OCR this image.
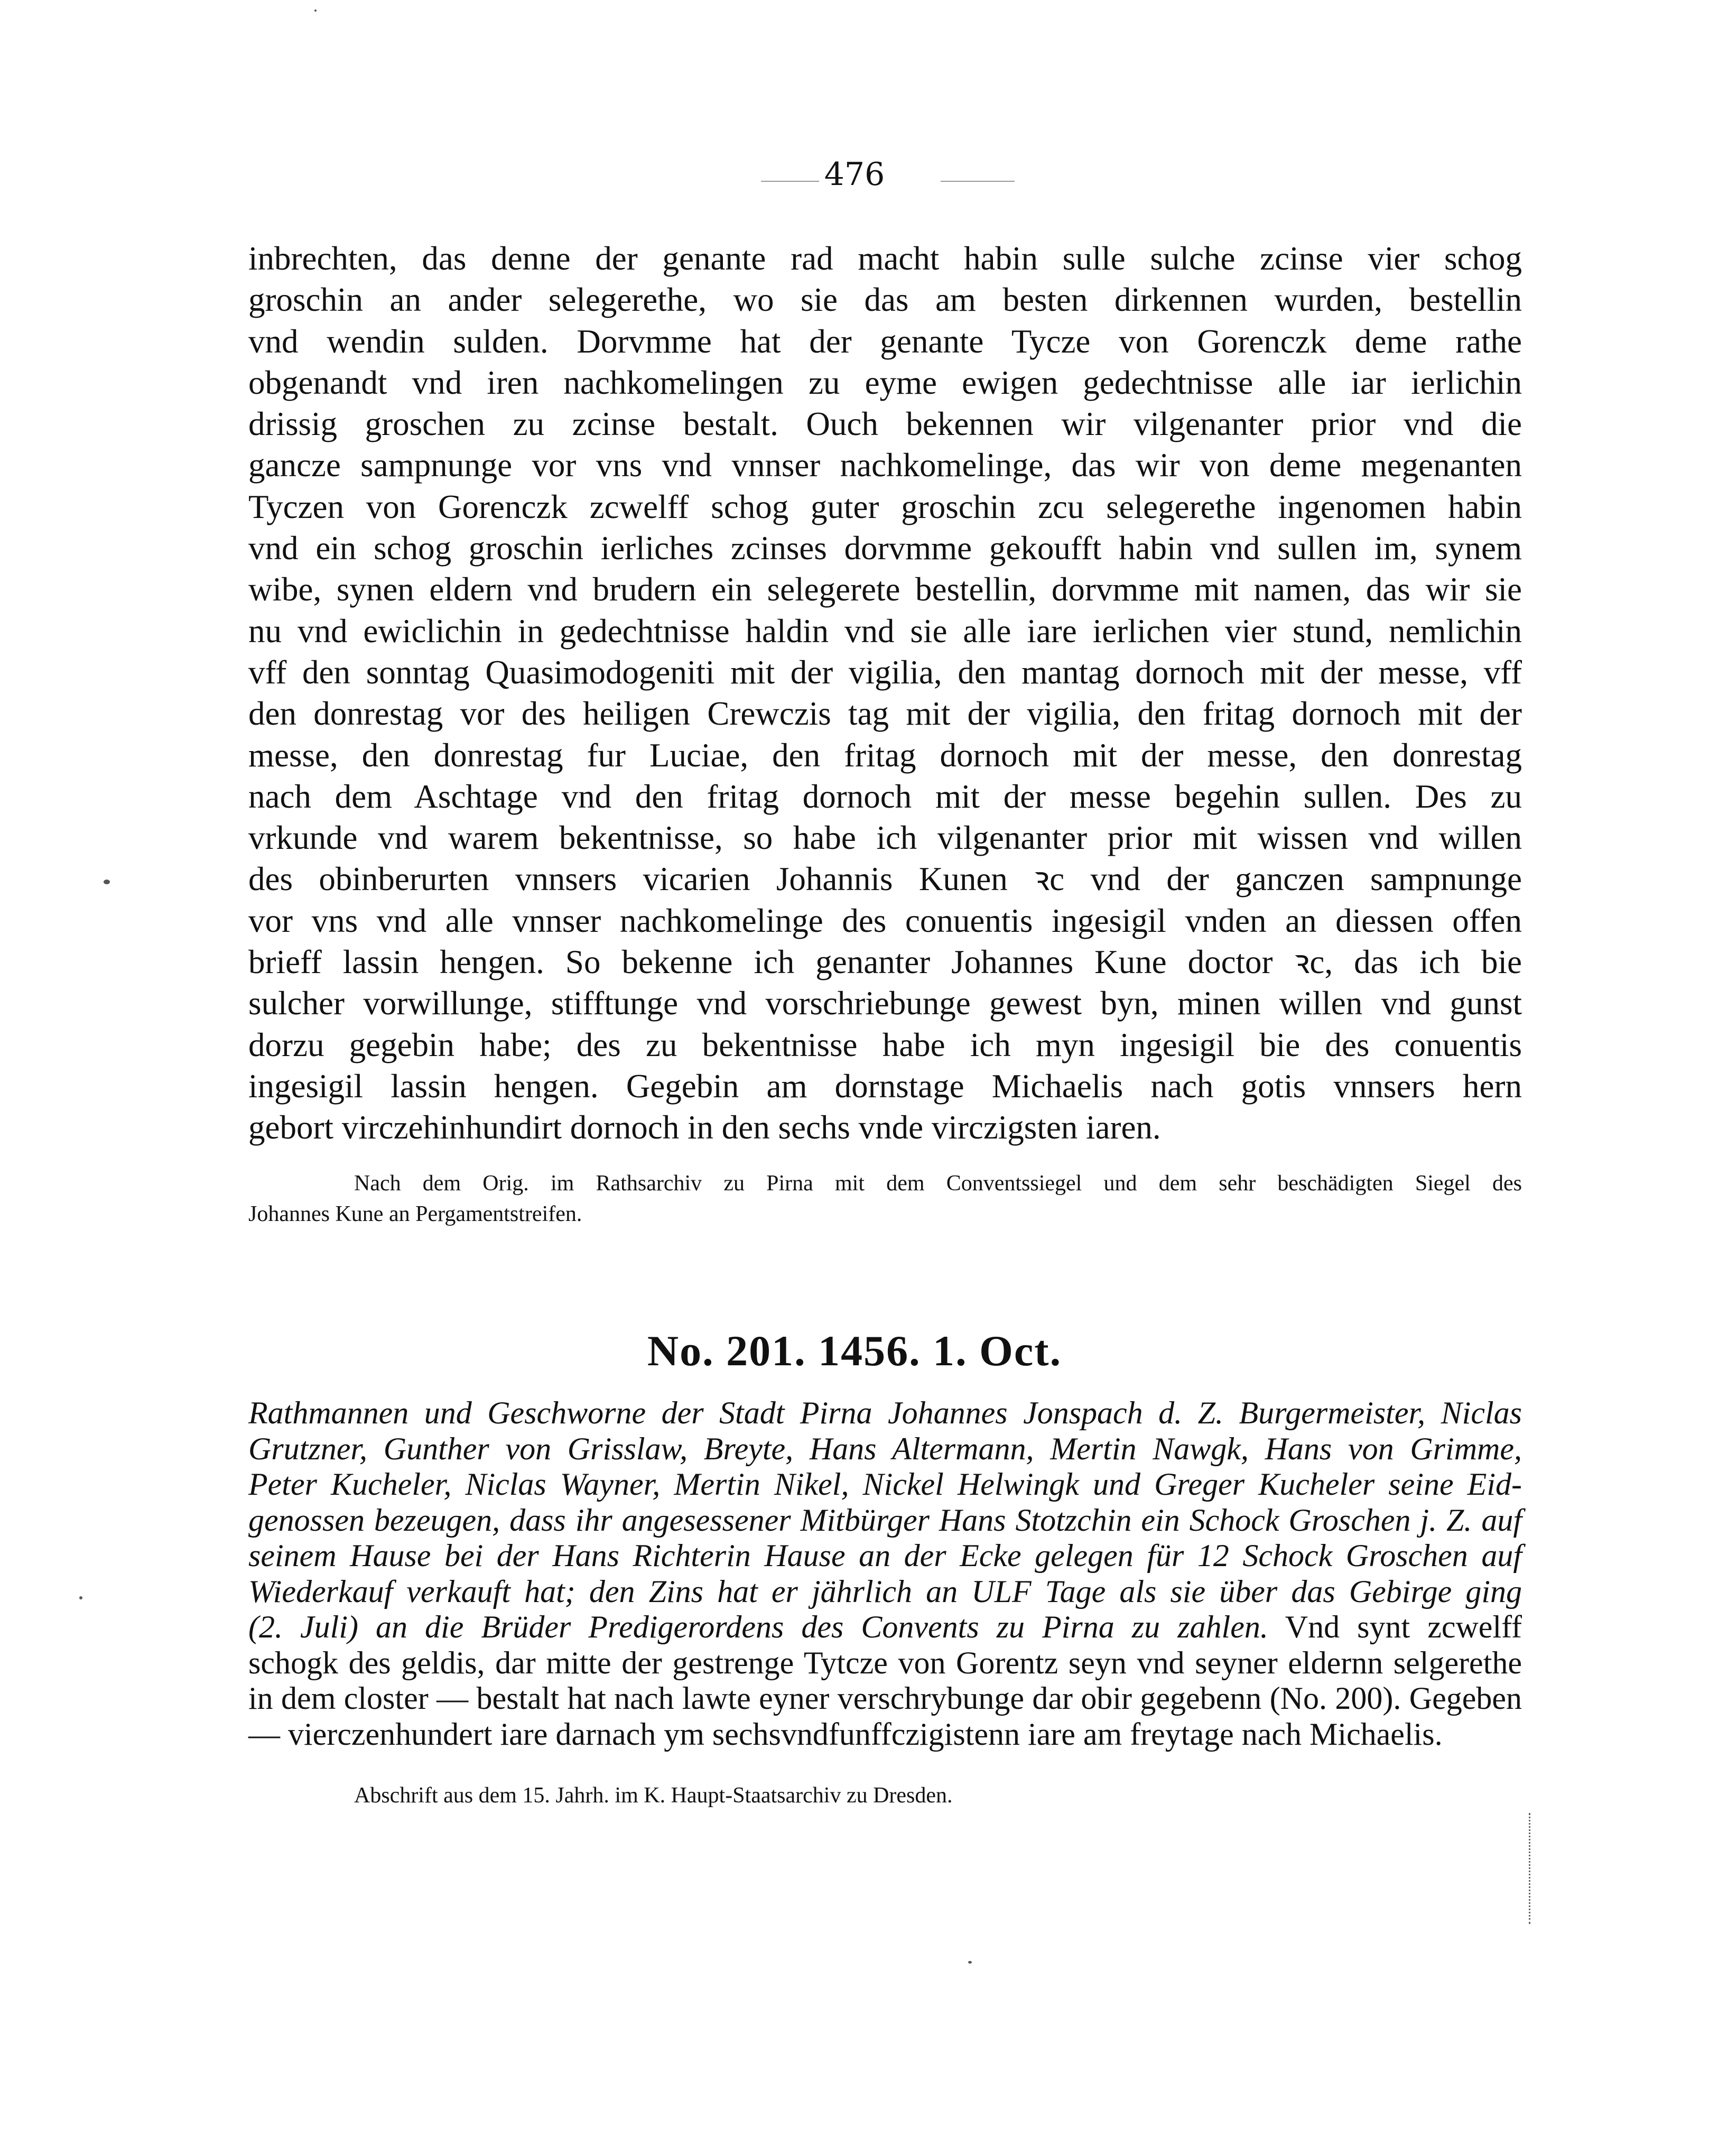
476
inbrechten, das denne der genante rad macht habin sulle sulche zcinse vier schog
groschin an ander selegerethe, wo sie das am besten dirkennen wurden, bestellin
vnd wendin sulden. Dorvmme hat der genante Tycze von Gorenczk deme rathe
obgenandt vnd iren nachkomelingen zu eyme ewigen gedechtnisse alle iar ierlichin
drissig groschen zu zcinse bestalt. Ouch bekennen wir vilgenanter prior vnd die
gancze sampnunge vor vns vnd vnnser nachkomelinge, das wir von deme megenanten
Tyczen von Gorenczk zcwelff schog guter groschin zcu selegerethe ingenomen habin
vnd ein schog groschin ierliches zcinses dorvmme gekoufft habin vnd sullen im, synem
wibe, synen eldern vnd brudern ein selegerete bestellin, dorvmme mit namen, das wir sie
nu vnd ewiclichin in gedechtnisse haldin vnd sie alle iare ierlichen vier stund, nemlichin
vff den sonntag Quasimodogeniti mit der vigilia, den mantag dornoch mit der messe, vff
den donrestag vor des heiligen Crewczis tag mit der vigilia, den fritag dornoch mit der
messe, den donrestag fur Luciae, den fritag dornoch mit der messe, den donrestag
nach dem Aschtage vnd den fritag dornoch mit der messe begehin sullen. Des zu
vrkunde vnd warem bekentnisse, so habe ich vilgenanter prior mit wissen vnd willen
des obinberurten vnnsers vicarien Johannis Kunen ꝛc vnd der ganczen sampnunge
vor vns vnd alle vnnser nachkomelinge des conuentis ingesigil vnden an diessen offen
brieff lassin hengen. So bekenne ich genanter Johannes Kune doctor ꝛc, das ich bie
sulcher vorwillunge, stifftunge vnd vorschriebunge gewest byn, minen willen vnd gunst
dorzu gegebin habe; des zu bekentnisse habe ich myn ingesigil bie des conuentis
ingesigil lassin hengen. Gegebin am dornstage Michaelis nach gotis vnnsers hern
gebort virczehinhundirt dornoch in den sechs vnde virczigsten iaren.
Nach dem Orig. im Rathsarchiv zu Pirna mit dem Conventssiegel und dem sehr beschädigten Siegel des
Johannes Kune an Pergamentstreifen.
No. 201. 1456. 1. Oct.
Rathmannen und Geschworne der Stadt Pirna Johannes Jonspach d. Z. Burgermeister, Niclas
Grutzner, Gunther von Grisslaw, Breyte, Hans Altermann, Mertin Nawgk, Hans von Grimme,
Peter Kucheler, Niclas Wayner, Mertin Nikel, Nickel Helwingk und Greger Kucheler seine Eid-
genossen bezeugen, dass ihr angesessener Mitbürger Hans Stotzchin ein Schock Groschen j. Z. auf
seinem Hause bei der Hans Richterin Hause an der Ecke gelegen für 12 Schock Groschen auf
Wiederkauf verkauft hat; den Zins hat er jährlich an ULF Tage als sie über das Gebirge ging
(2. Juli) an die Brüder Predigerordens des Convents zu Pirna zu zahlen. Vnd synt zcwelff
schogk des geldis, dar mitte der gestrenge Tytcze von Gorentz seyn vnd seyner eldernn selgerethe
in dem closter — bestalt hat nach lawte eyner verschrybunge dar obir gegebenn (No. 200). Gegeben
— vierczenhundert iare darnach ym sechsvndfunffczigistenn iare am freytage nach Michaelis.
Abschrift aus dem 15. Jahrh. im K. Haupt-Staatsarchiv zu Dresden.
